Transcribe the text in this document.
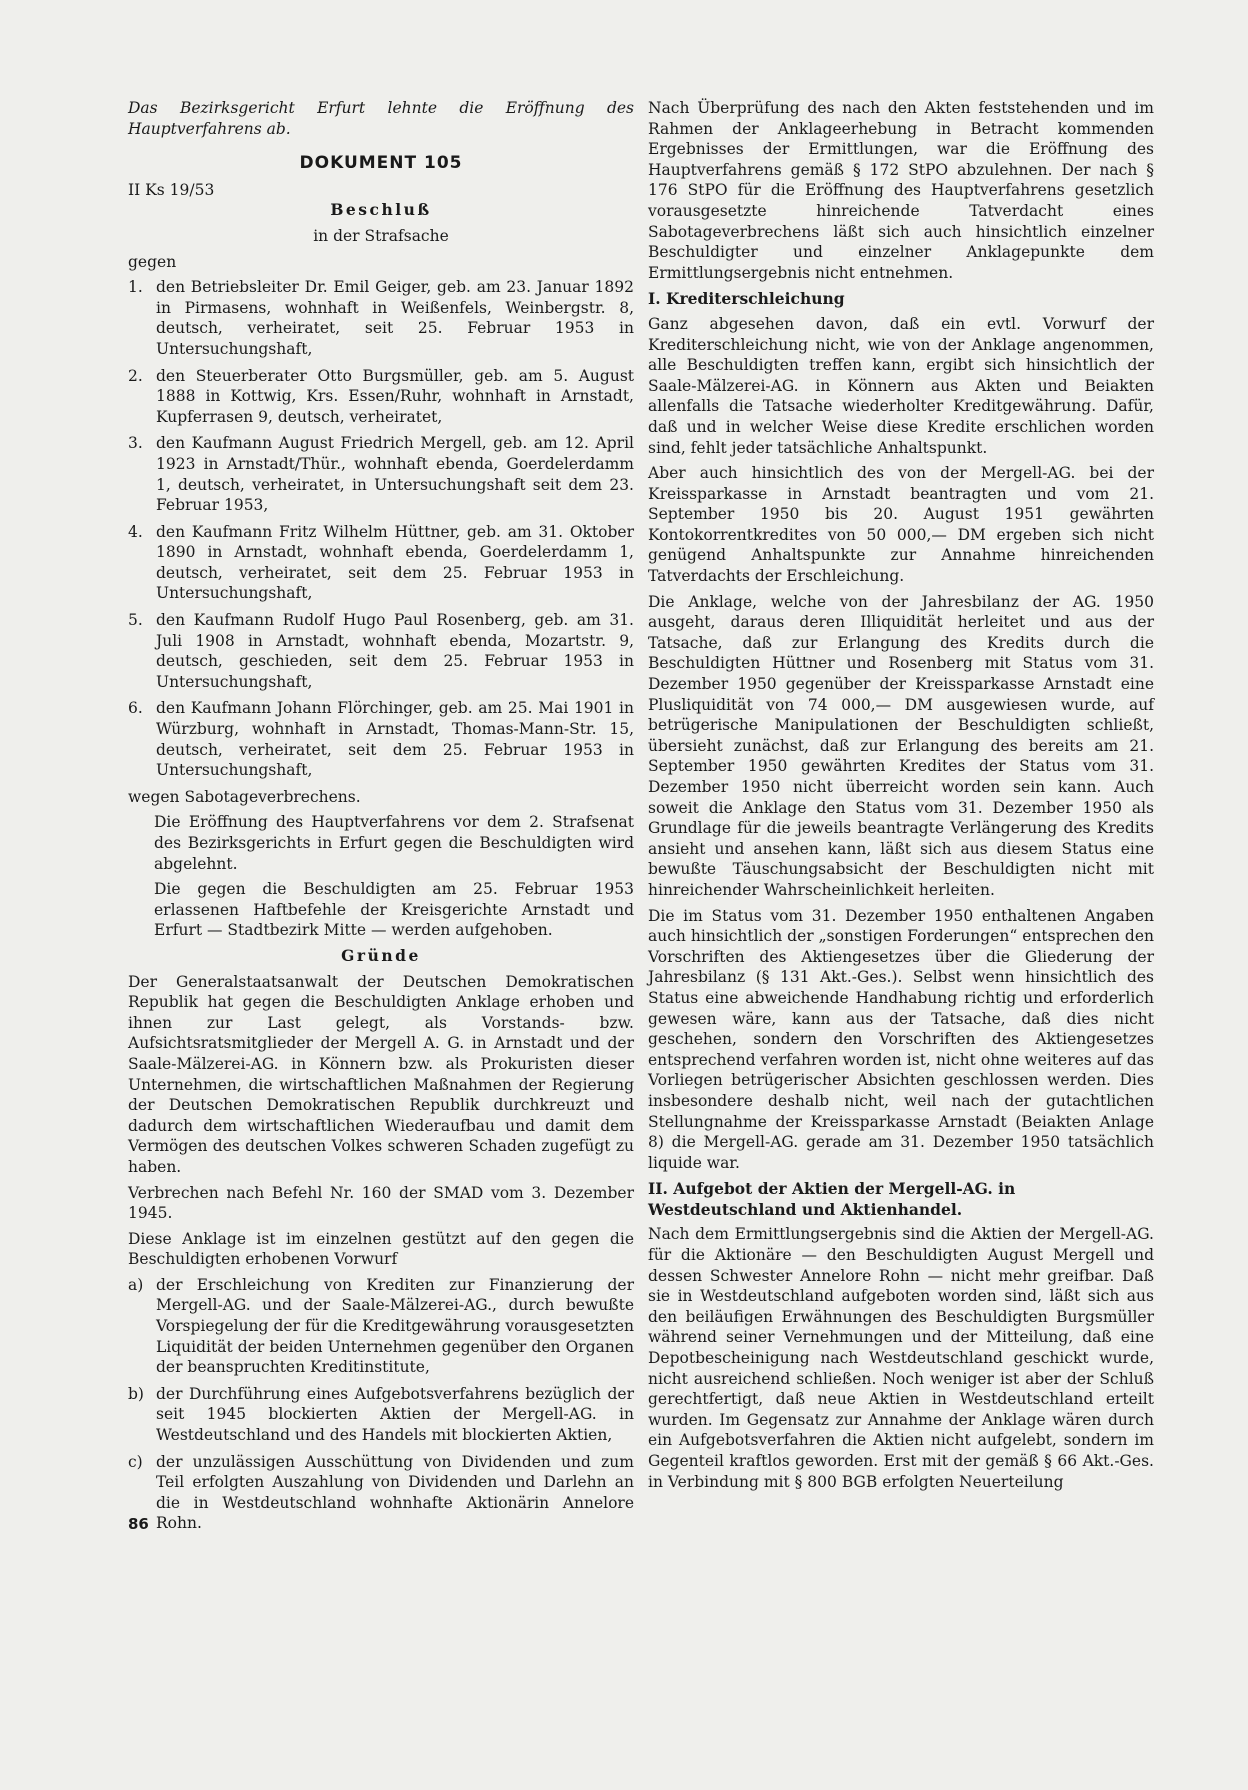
Das Bezirksgericht Erfurt lehnte die Eröffnung des Hauptverfahrens ab.

DOKUMENT 105

II Ks 19/53

Beschluß

in der Strafsache

gegen

1. den Betriebsleiter Dr. Emil Geiger, geb. am 23. Januar 1892 in Pirmasens, wohnhaft in Weißenfels, Weinbergstr. 8, deutsch, verheiratet, seit 25. Februar 1953 in Untersuchungshaft,
2. den Steuerberater Otto Burgsmüller, geb. am 5. August 1888 in Kottwig, Krs. Essen/Ruhr, wohnhaft in Arnstadt, Kupferrasen 9, deutsch, verheiratet,
3. den Kaufmann August Friedrich Mergell, geb. am 12. April 1923 in Arnstadt/Thür., wohnhaft ebenda, Goerdelerdamm 1, deutsch, verheiratet, in Untersuchungshaft seit dem 23. Februar 1953,
4. den Kaufmann Fritz Wilhelm Hüttner, geb. am 31. Oktober 1890 in Arnstadt, wohnhaft ebenda, Goerdelerdamm 1, deutsch, verheiratet, seit dem 25. Februar 1953 in Untersuchungshaft,
5. den Kaufmann Rudolf Hugo Paul Rosenberg, geb. am 31. Juli 1908 in Arnstadt, wohnhaft ebenda, Mozartstr. 9, deutsch, geschieden, seit dem 25. Februar 1953 in Untersuchungshaft,
6. den Kaufmann Johann Flörchinger, geb. am 25. Mai 1901 in Würzburg, wohnhaft in Arnstadt, Thomas-Mann-Str. 15, deutsch, verheiratet, seit dem 25. Februar 1953 in Untersuchungshaft,

wegen Sabotageverbrechens.

Die Eröffnung des Hauptverfahrens vor dem 2. Strafsenat des Bezirksgerichts in Erfurt gegen die Beschuldigten wird abgelehnt.

Die gegen die Beschuldigten am 25. Februar 1953 erlassenen Haftbefehle der Kreisgerichte Arnstadt und Erfurt — Stadtbezirk Mitte — werden aufgehoben.

Gründe

Der Generalstaatsanwalt der Deutschen Demokratischen Republik hat gegen die Beschuldigten Anklage erhoben und ihnen zur Last gelegt, als Vorstands- bzw. Aufsichtsratsmitglieder der Mergell A. G. in Arnstadt und der Saale-Mälzerei-AG. in Könnern bzw. als Prokuristen dieser Unternehmen, die wirtschaftlichen Maßnahmen der Regierung der Deutschen Demokratischen Republik durchkreuzt und dadurch dem wirtschaftlichen Wiederaufbau und damit dem Vermögen des deutschen Volkes schweren Schaden zugefügt zu haben.

Verbrechen nach Befehl Nr. 160 der SMAD vom 3. Dezember 1945.

Diese Anklage ist im einzelnen gestützt auf den gegen die Beschuldigten erhobenen Vorwurf

a) der Erschleichung von Krediten zur Finanzierung der Mergell-AG. und der Saale-Mälzerei-AG., durch bewußte Vorspiegelung der für die Kreditgewährung vorausgesetzten Liquidität der beiden Unternehmen gegenüber den Organen der beanspruchten Kreditinstitute,
b) der Durchführung eines Aufgebotsverfahrens bezüglich der seit 1945 blockierten Aktien der Mergell-AG. in Westdeutschland und des Handels mit blockierten Aktien,
c) der unzulässigen Ausschüttung von Dividenden und zum Teil erfolgten Auszahlung von Dividenden und Darlehn an die in Westdeutschland wohnhafte Aktionärin Annelore Rohn.

Nach Überprüfung des nach den Akten feststehenden und im Rahmen der Anklageerhebung in Betracht kommenden Ergebnisses der Ermittlungen, war die Eröffnung des Hauptverfahrens gemäß § 172 StPO abzulehnen. Der nach § 176 StPO für die Eröffnung des Hauptverfahrens gesetzlich vorausgesetzte hinreichende Tatverdacht eines Sabotageverbrechens läßt sich auch hinsichtlich einzelner Beschuldigter und einzelner Anklagepunkte dem Ermittlungsergebnis nicht entnehmen.

I. Krediterschleichung

Ganz abgesehen davon, daß ein evtl. Vorwurf der Krediterschleichung nicht, wie von der Anklage angenommen, alle Beschuldigten treffen kann, ergibt sich hinsichtlich der Saale-Mälzerei-AG. in Könnern aus Akten und Beiakten allenfalls die Tatsache wiederholter Kreditgewährung. Dafür, daß und in welcher Weise diese Kredite erschlichen worden sind, fehlt jeder tatsächliche Anhaltspunkt.

Aber auch hinsichtlich des von der Mergell-AG. bei der Kreissparkasse in Arnstadt beantragten und vom 21. September 1950 bis 20. August 1951 gewährten Kontokorrentkredites von 50 000,— DM ergeben sich nicht genügend Anhaltspunkte zur Annahme hinreichenden Tatverdachts der Erschleichung.

Die Anklage, welche von der Jahresbilanz der AG. 1950 ausgeht, daraus deren Illiquidität herleitet und aus der Tatsache, daß zur Erlangung des Kredits durch die Beschuldigten Hüttner und Rosenberg mit Status vom 31. Dezember 1950 gegenüber der Kreissparkasse Arnstadt eine Plusliquidität von 74 000,— DM ausgewiesen wurde, auf betrügerische Manipulationen der Beschuldigten schließt, übersieht zunächst, daß zur Erlangung des bereits am 21. September 1950 gewährten Kredites der Status vom 31. Dezember 1950 nicht überreicht worden sein kann. Auch soweit die Anklage den Status vom 31. Dezember 1950 als Grundlage für die jeweils beantragte Verlängerung des Kredits ansieht und ansehen kann, läßt sich aus diesem Status eine bewußte Täuschungsabsicht der Beschuldigten nicht mit hinreichender Wahrscheinlichkeit herleiten.

Die im Status vom 31. Dezember 1950 enthaltenen Angaben auch hinsichtlich der „sonstigen Forderungen“ entsprechen den Vorschriften des Aktiengesetzes über die Gliederung der Jahresbilanz (§ 131 Akt.-Ges.). Selbst wenn hinsichtlich des Status eine abweichende Handhabung richtig und erforderlich gewesen wäre, kann aus der Tatsache, daß dies nicht geschehen, sondern den Vorschriften des Aktiengesetzes entsprechend verfahren worden ist, nicht ohne weiteres auf das Vorliegen betrügerischer Absichten geschlossen werden. Dies insbesondere deshalb nicht, weil nach der gutachtlichen Stellungnahme der Kreissparkasse Arnstadt (Beiakten Anlage 8) die Mergell-AG. gerade am 31. Dezember 1950 tatsächlich liquide war.

II. Aufgebot der Aktien der Mergell-AG. in Westdeutschland und Aktienhandel.

Nach dem Ermittlungsergebnis sind die Aktien der Mergell-AG. für die Aktionäre — den Beschuldigten August Mergell und dessen Schwester Annelore Rohn — nicht mehr greifbar. Daß sie in Westdeutschland aufgeboten worden sind, läßt sich aus den beiläufigen Erwähnungen des Beschuldigten Burgsmüller während seiner Vernehmungen und der Mitteilung, daß eine Depotbescheinigung nach Westdeutschland geschickt wurde, nicht ausreichend schließen. Noch weniger ist aber der Schluß gerechtfertigt, daß neue Aktien in Westdeutschland erteilt wurden. Im Gegensatz zur Annahme der Anklage wären durch ein Aufgebotsverfahren die Aktien nicht aufgelebt, sondern im Gegenteil kraftlos geworden. Erst mit der gemäß § 66 Akt.-Ges. in Verbindung mit § 800 BGB erfolgten Neuerteilung

86
